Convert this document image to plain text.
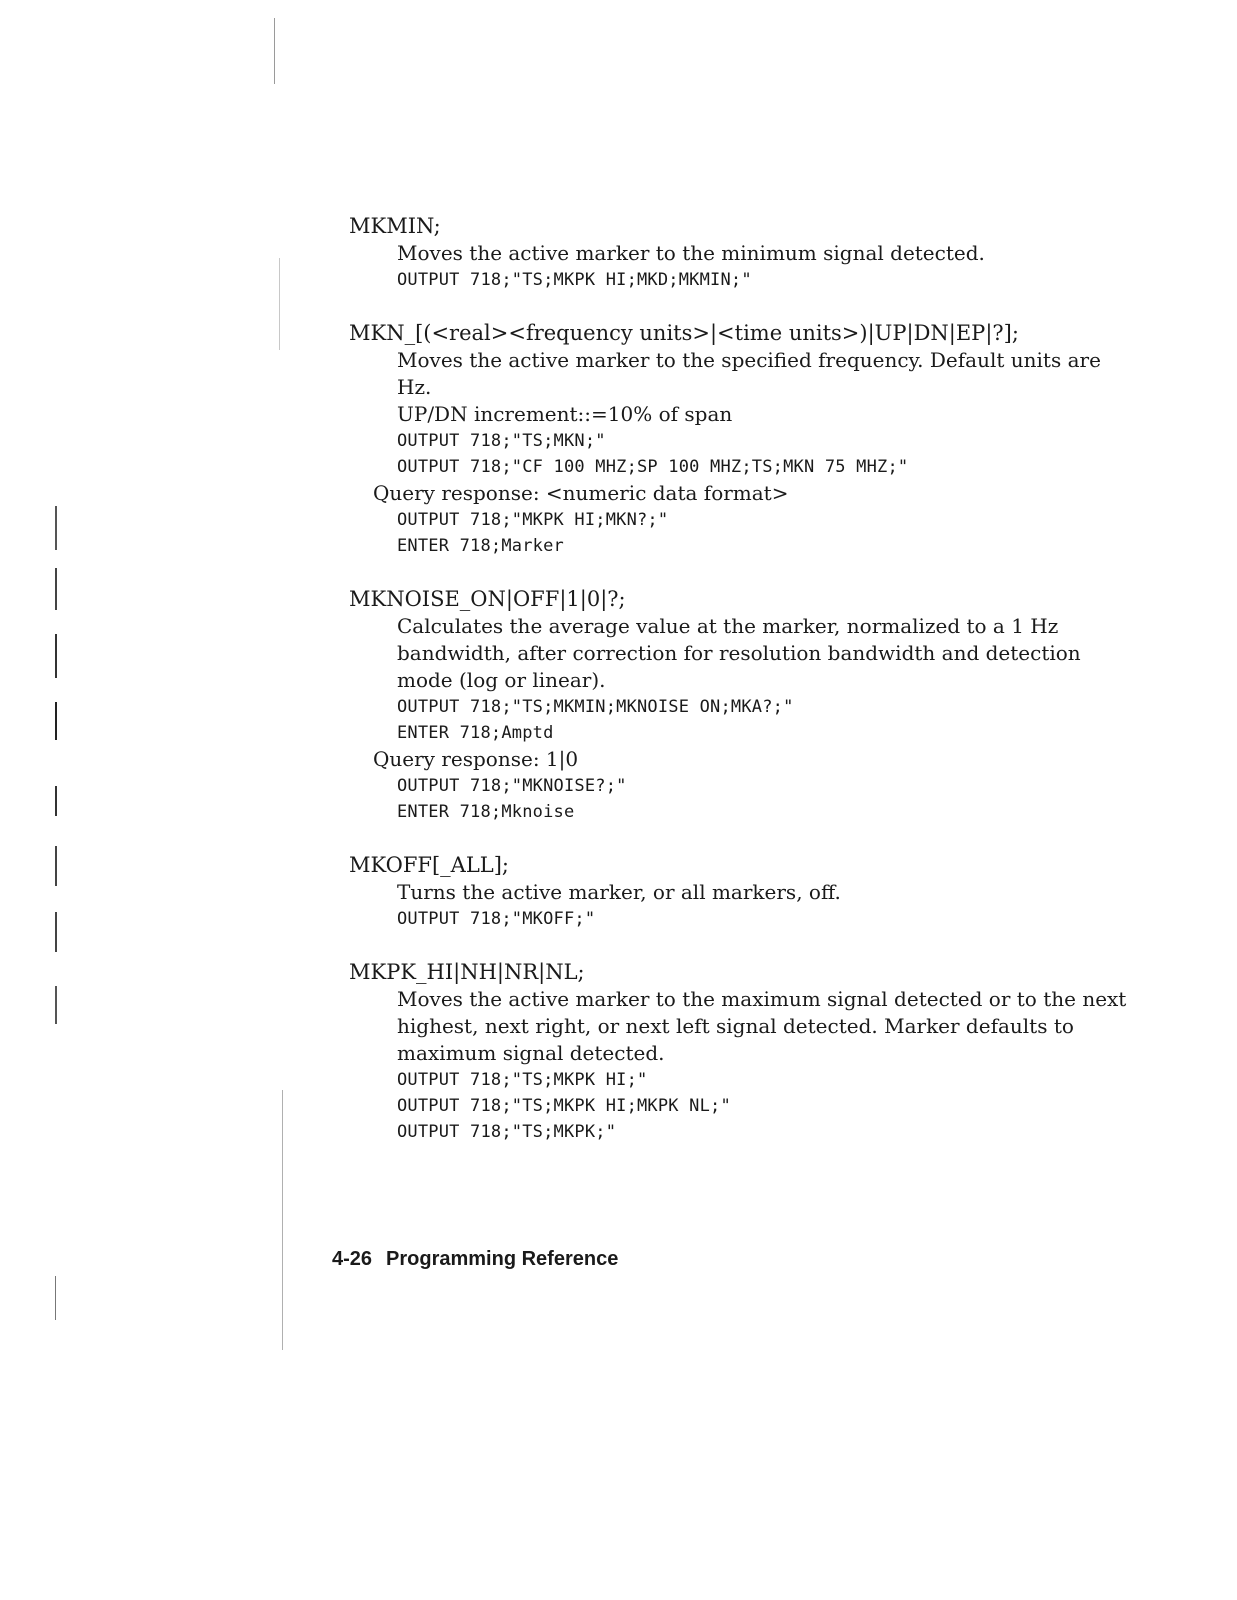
MKMIN;

Moves the active marker to the minimum signal detected.

OUTPUT 718;"TS;MKPK HI;MKD;MKMIN;"

MKN_[(<real><frequency units>|<time units>)|UP|DN|EP|?];

Moves the active marker to the specified frequency. Default units are Hz.

UP/DN increment::=10% of span

OUTPUT 718;"TS;MKN;"

OUTPUT 718;"CF 100 MHZ;SP 100 MHZ;TS;MKN 75 MHZ;"

Query response: <numeric data format>

OUTPUT 718;"MKPK HI;MKN?;"

ENTER 718;Marker

MKNOISE_ON|OFF|1|0|?;

Calculates the average value at the marker, normalized to a 1 Hz bandwidth, after correction for resolution bandwidth and detection mode (log or linear).

OUTPUT 718;"TS;MKMIN;MKNOISE ON;MKA?;"

ENTER 718;Amptd

Query response: 1|0

OUTPUT 718;"MKNOISE?;"

ENTER 718;Mknoise

MKOFF[_ALL];

Turns the active marker, or all markers, off.

OUTPUT 718;"MKOFF;"

MKPK_HI|NH|NR|NL;

Moves the active marker to the maximum signal detected or to the next highest, next right, or next left signal detected. Marker defaults to maximum signal detected.

OUTPUT 718;"TS;MKPK HI;"

OUTPUT 718;"TS;MKPK HI;MKPK NL;"

OUTPUT 718;"TS;MKPK;"

4-26 Programming Reference
